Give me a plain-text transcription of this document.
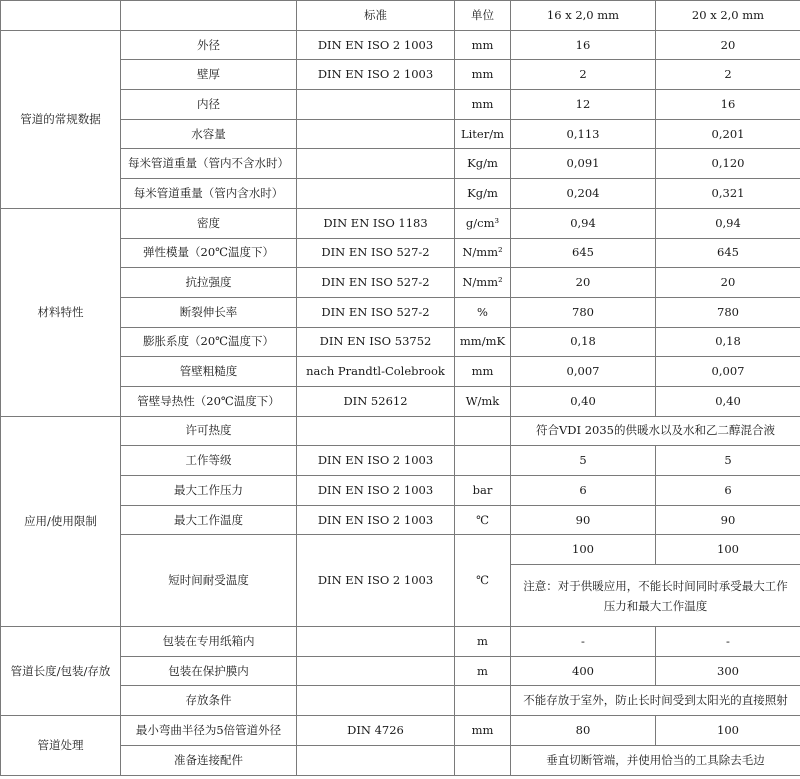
		标准	单位	16 x 2,0 mm	20 x 2,0 mm
管道的常规数据	外径	DIN EN ISO 2 1003	mm	16	20
	壁厚	DIN EN ISO 2 1003	mm	2	2
	内径		mm	12	16
	水容量		Liter/m	0,113	0,201
	每米管道重量（管内不含水时）		Kg/m	0,091	0,120
	每米管道重量（管内含水时）		Kg/m	0,204	0,321
材料特性	密度	DIN EN ISO 1183	g/cm³	0,94	0,94
	弹性模量（20℃温度下）	DIN EN ISO 527-2	N/mm²	645	645
	抗拉强度	DIN EN ISO 527-2	N/mm²	20	20
	断裂伸长率	DIN EN ISO 527-2	%	780	780
	膨胀系度（20℃温度下）	DIN EN ISO 53752	mm/mK	0,18	0,18
	管壁粗糙度	nach Prandtl-Colebrook	mm	0,007	0,007
	管壁导热性（20℃温度下）	DIN 52612	W/mk	0,40	0,40
应用/使用限制	许可热度			符合VDI 2035的供暖水以及水和乙二醇混合液	
	工作等级	DIN EN ISO 2 1003		5	5
	最大工作压力	DIN EN ISO 2 1003	bar	6	6
	最大工作温度	DIN EN ISO 2 1003	℃	90	90
	短时间耐受温度	DIN EN ISO 2 1003	℃	100	100
				注意：对于供暖应用，不能长时间同时承受最大工作压力和最大工作温度	
管道长度/包装/存放	包装在专用纸箱内		m	-	-
	包装在保护膜内		m	400	300
	存放条件			不能存放于室外，防止长时间受到太阳光的直接照射	
管道处理	最小弯曲半径为5倍管道外径	DIN 4726	mm	80	100
	准备连接配件			垂直切断管端，并使用恰当的工具除去毛边	
